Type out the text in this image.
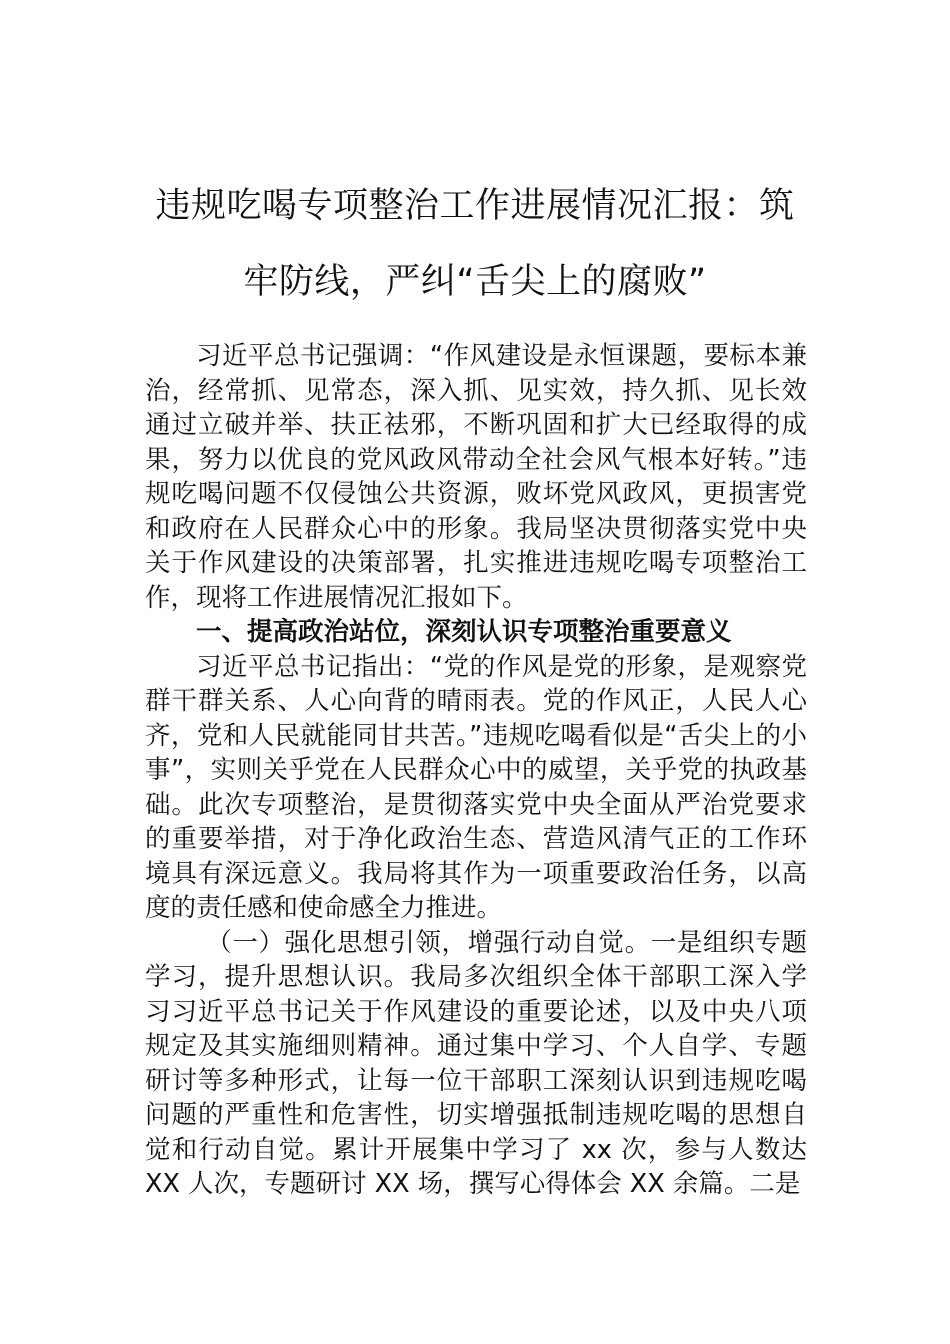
违规吃喝专项整治工作进展情况汇报：筑牢防线，严纠“舌尖上的腐败”

习近平总书记强调：“作风建设是永恒课题，要标本兼治，经常抓、见常态，深入抓、见实效，持久抓、见长效通过立破并举、扶正祛邪，不断巩固和扩大已经取得的成果，努力以优良的党风政风带动全社会风气根本好转。”违规吃喝问题不仅侵蚀公共资源，败坏党风政风，更损害党和政府在人民群众心中的形象。我局坚决贯彻落实党中央关于作风建设的决策部署，扎实推进违规吃喝专项整治工作，现将工作进展情况汇报如下。

一、提高政治站位，深刻认识专项整治重要意义

习近平总书记指出：“党的作风是党的形象，是观察党群干群关系、人心向背的晴雨表。党的作风正，人民人心齐，党和人民就能同甘共苦。”违规吃喝看似是“舌尖上的小事”，实则关乎党在人民群众心中的威望，关乎党的执政基础。此次专项整治，是贯彻落实党中央全面从严治党要求的重要举措，对于净化政治生态、营造风清气正的工作环境具有深远意义。我局将其作为一项重要政治任务，以高度的责任感和使命感全力推进。

（一）强化思想引领，增强行动自觉。一是组织专题学习，提升思想认识。我局多次组织全体干部职工深入学习习近平总书记关于作风建设的重要论述，以及中央八项规定及其实施细则精神。通过集中学习、个人自学、专题研讨等多种形式，让每一位干部职工深刻认识到违规吃喝问题的严重性和危害性，切实增强抵制违规吃喝的思想自觉和行动自觉。累计开展集中学习了 xx 次，参与人数达 XX 人次，专题研讨 XX 场，撰写心得体会 XX 余篇。二是
